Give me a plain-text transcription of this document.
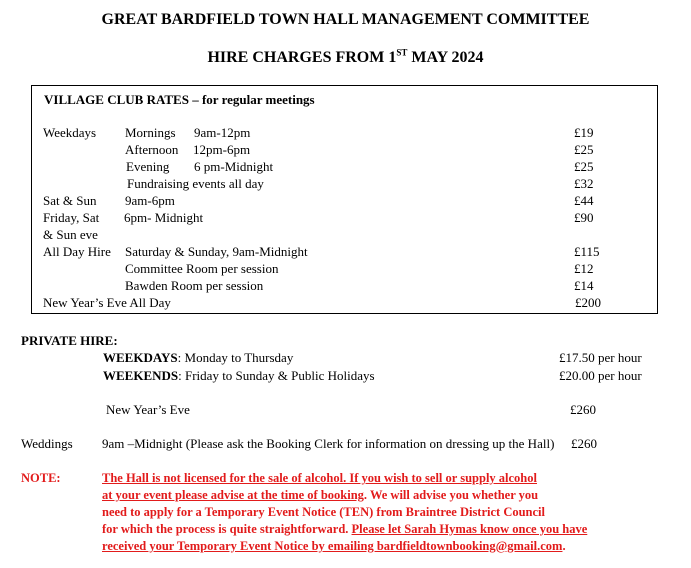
GREAT BARDFIELD TOWN HALL MANAGEMENT COMMITTEE
HIRE CHARGES FROM 1ST MAY 2024
VILLAGE CLUB RATES – for regular meetings
Weekdays Mornings 9am-12pm	£19
Afternoon 12pm-6pm	£25
Evening 6 pm-Midnight	£25
Fundraising events all day	£32
Sat & Sun 9am-6pm	£44
Friday, Sat 6pm- Midnight	£90
& Sun eve
All Day Hire Saturday & Sunday, 9am-Midnight	£115
Committee Room per session	£12
Bawden Room per session	£14
New Year’s Eve All Day	£200
PRIVATE HIRE:
WEEKDAYS: Monday to Thursday	£17.50 per hour
WEEKENDS: Friday to Sunday & Public Holidays	£20.00 per hour
New Year’s Eve	£260
Weddings 9am –Midnight (Please ask the Booking Clerk for information on dressing up the Hall) £260
NOTE:	The Hall is not licensed for the sale of alcohol. If you wish to sell or supply alcohol
at your event please advise at the time of booking. We will advise you whether you
need to apply for a Temporary Event Notice (TEN) from Braintree District Council
for which the process is quite straightforward. Please let Sarah Hymas know once you have
received your Temporary Event Notice by emailing bardfieldtownbooking@gmail.com.
